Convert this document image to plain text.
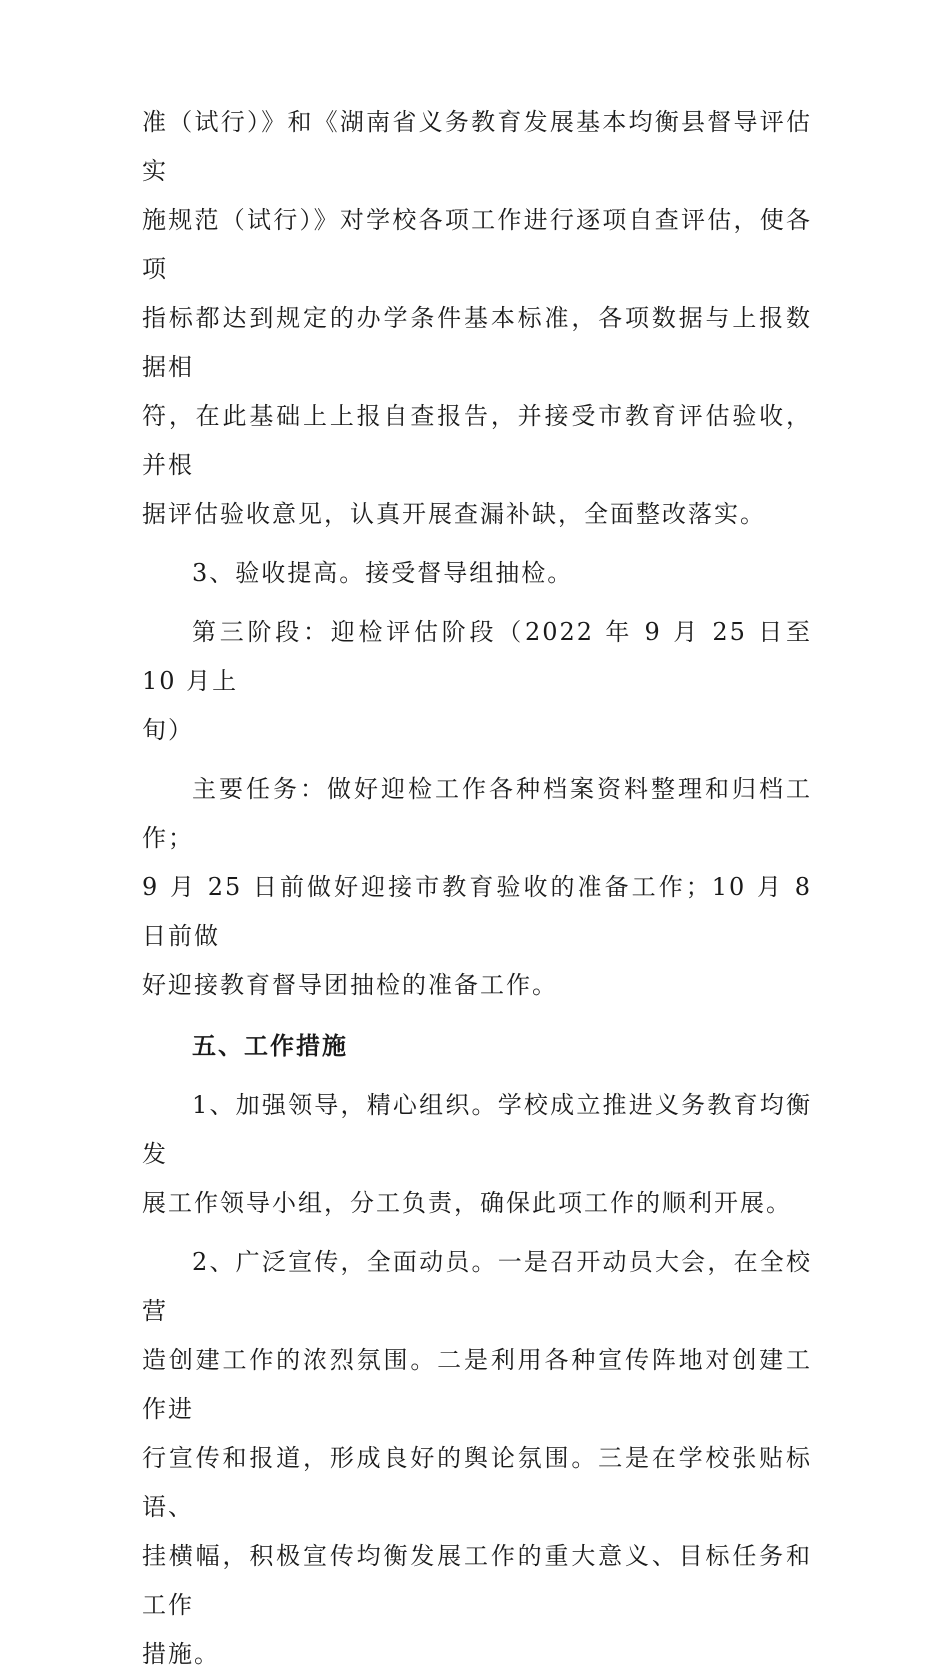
准（试行）》和《湖南省义务教育发展基本均衡县督导评估实
施规范（试行）》对学校各项工作进行逐项自查评估，使各项
指标都达到规定的办学条件基本标准，各项数据与上报数据相
符，在此基础上上报自查报告，并接受市教育评估验收，并根
据评估验收意见，认真开展查漏补缺，全面整改落实。

3、验收提高。接受督导组抽检。

第三阶段：迎检评估阶段（2022 年 9 月 25 日至 10 月上
旬）

主要任务：做好迎检工作各种档案资料整理和归档工作；
9 月 25 日前做好迎接市教育验收的准备工作；10 月 8 日前做
好迎接教育督导团抽检的准备工作。

五、工作措施

1、加强领导，精心组织。学校成立推进义务教育均衡发
展工作领导小组，分工负责，确保此项工作的顺利开展。

2、广泛宣传，全面动员。一是召开动员大会，在全校营
造创建工作的浓烈氛围。二是利用各种宣传阵地对创建工作进
行宣传和报道，形成良好的舆论氛围。三是在学校张贴标语、
挂横幅，积极宣传均衡发展工作的重大意义、目标任务和工作
措施。
